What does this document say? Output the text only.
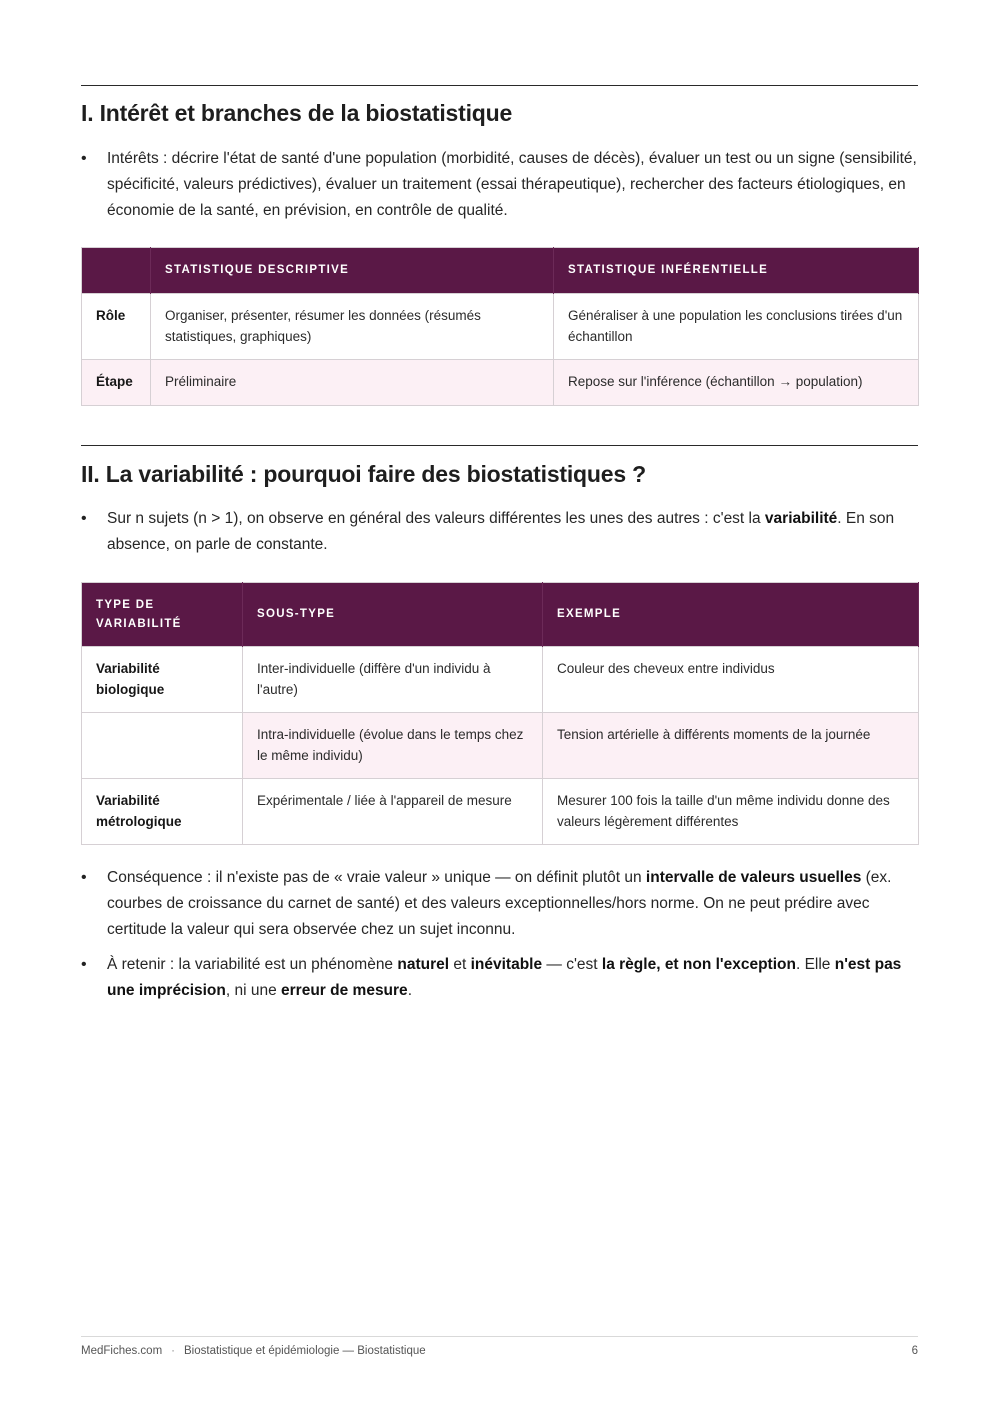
I. Intérêt et branches de la biostatistique
• Intérêts : décrire l'état de santé d'une population (morbidité, causes de décès), évaluer un test ou un signe (sensibilité, spécificité, valeurs prédictives), évaluer un traitement (essai thérapeutique), rechercher des facteurs étiologiques, en économie de la santé, en prévision, en contrôle de qualité.
	STATISTIQUE DESCRIPTIVE	STATISTIQUE INFÉRENTIELLE
Rôle	Organiser, présenter, résumer les données (résumés statistiques, graphiques)	Généraliser à une population les conclusions tirées d'un échantillon
Étape	Préliminaire	Repose sur l'inférence (échantillon → population)
II. La variabilité : pourquoi faire des biostatistiques ?
• Sur n sujets (n > 1), on observe en général des valeurs différentes les unes des autres : c'est la variabilité. En son absence, on parle de constante.
TYPE DE VARIABILITÉ	SOUS-TYPE	EXEMPLE
Variabilité biologique	Inter-individuelle (diffère d'un individu à l'autre)	Couleur des cheveux entre individus
	Intra-individuelle (évolue dans le temps chez le même individu)	Tension artérielle à différents moments de la journée
Variabilité métrologique	Expérimentale / liée à l'appareil de mesure	Mesurer 100 fois la taille d'un même individu donne des valeurs légèrement différentes
• Conséquence : il n'existe pas de « vraie valeur » unique — on définit plutôt un intervalle de valeurs usuelles (ex. courbes de croissance du carnet de santé) et des valeurs exceptionnelles/hors norme. On ne peut prédire avec certitude la valeur qui sera observée chez un sujet inconnu.
• À retenir : la variabilité est un phénomène naturel et inévitable — c'est la règle, et non l'exception. Elle n'est pas une imprécision, ni une erreur de mesure.
MedFiches.com · Biostatistique et épidémiologie — Biostatistique	6
